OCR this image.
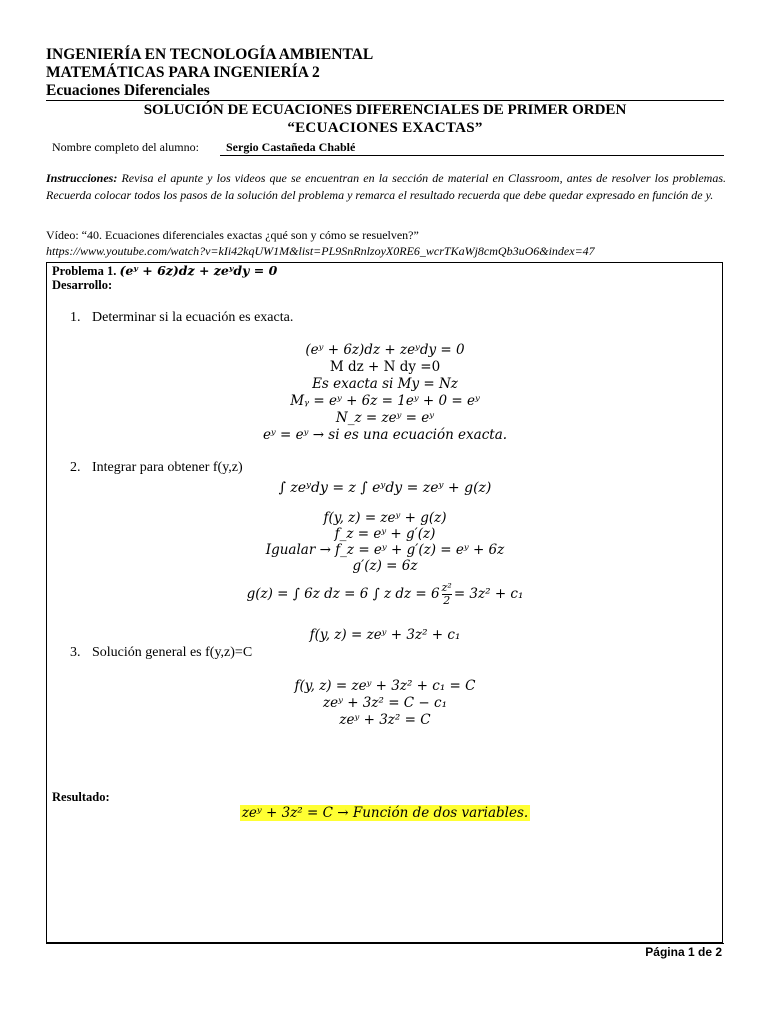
INGENIERÍA EN TECNOLOGÍA AMBIENTAL
MATEMÁTICAS PARA INGENIERÍA 2
Ecuaciones Diferenciales
SOLUCIÓN DE ECUACIONES DIFERENCIALES DE PRIMER ORDEN
“ECUACIONES EXACTAS”
Nombre completo del alumno: Sergio Castañeda Chablé
Instrucciones: Revisa el apunte y los videos que se encuentran en la sección de material en Classroom, antes de resolver los problemas. Recuerda colocar todos los pasos de la solución del problema y remarca el resultado recuerda que debe quedar expresado en función de y.
Vídeo: “40. Ecuaciones diferenciales exactas ¿qué son y cómo se resuelven?”
https://www.youtube.com/watch?v=kIi42kqUW1M&list=PL9SnRnlzoyX0RE6_wcrTKaWj8cmQb3uO6&index=47
Problema 1. (eʸ + 6z)dz + zeʸdy = 0
Desarrollo:
1. Determinar si la ecuación es exacta.
(eʸ + 6z)dz + zeʸdy = 0
M dz + N dy =0
Es exacta si My = Nz
Mᵧ = eʸ + 6z = 1eʸ + 0 = eʸ
N_z = zeʸ = eʸ
eʸ = eʸ → si es una ecuación exacta.
2. Integrar para obtener f(y,z)
∫ zeʸdy = z ∫ eʸdy = zeʸ + g(z)
f(y, z) = zeʸ + g(z)
f_z = eʸ + g′(z)
Igualar → f_z = eʸ + g′(z) = eʸ + 6z
g′(z) = 6z
g(z) = ∫ 6z dz = 6 ∫ z dz = $6 \frac{\text{z²}}{2} = 3z^2 + c_1$
f(y, z) = zeʸ + 3z² + c₁
3. Solución general es f(y,z)=C
f(y, z) = zeʸ + 3z² + c₁ = C
zeʸ + 3z² = C − c₁
zeʸ + 3z² = C
Resultado:
zeʸ + 3z² = C → Función de dos variables.
Página 1 de 2
